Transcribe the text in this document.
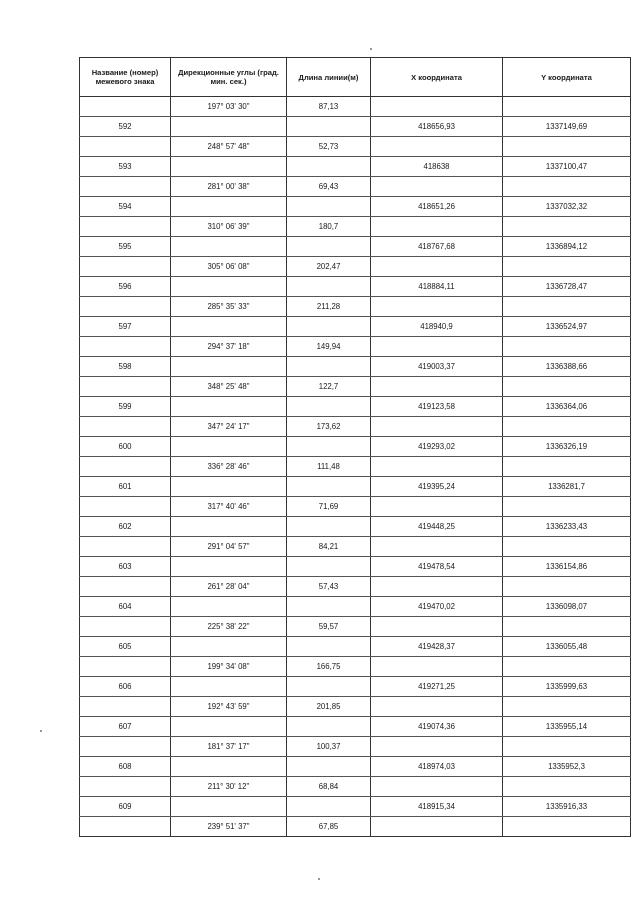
Название (номер) межевого знака	Дирекционные углы (град. мин. сек.)	Длина линии(м)	X координата	Y координата
	197° 03' 30"	87,13		
592			418656,93	1337149,69
	248° 57' 48"	52,73		
593			418638	1337100,47
	281° 00' 38"	69,43		
594			418651,26	1337032,32
	310° 06' 39"	180,7		
595			418767,68	1336894,12
	305° 06' 08"	202,47		
596			418884,11	1336728,47
	285° 35' 33"	211,28		
597			418940,9	1336524,97
	294° 37' 18"	149,94		
598			419003,37	1336388,66
	348° 25' 48"	122,7		
599			419123,58	1336364,06
	347° 24' 17"	173,62		
600			419293,02	1336326,19
	336° 28' 46"	111,48		
601			419395,24	1336281,7
	317° 40' 46"	71,69		
602			419448,25	1336233,43
	291° 04' 57"	84,21		
603			419478,54	1336154,86
	261° 28' 04"	57,43		
604			419470,02	1336098,07
	225° 38' 22"	59,57		
605			419428,37	1336055,48
	199° 34' 08"	166,75		
606			419271,25	1335999,63
	192° 43' 59"	201,85		
607			419074,36	1335955,14
	181° 37' 17"	100,37		
608			418974,03	1335952,3
	211° 30' 12"	68,84		
609			418915,34	1335916,33
	239° 51' 37"	67,85		
